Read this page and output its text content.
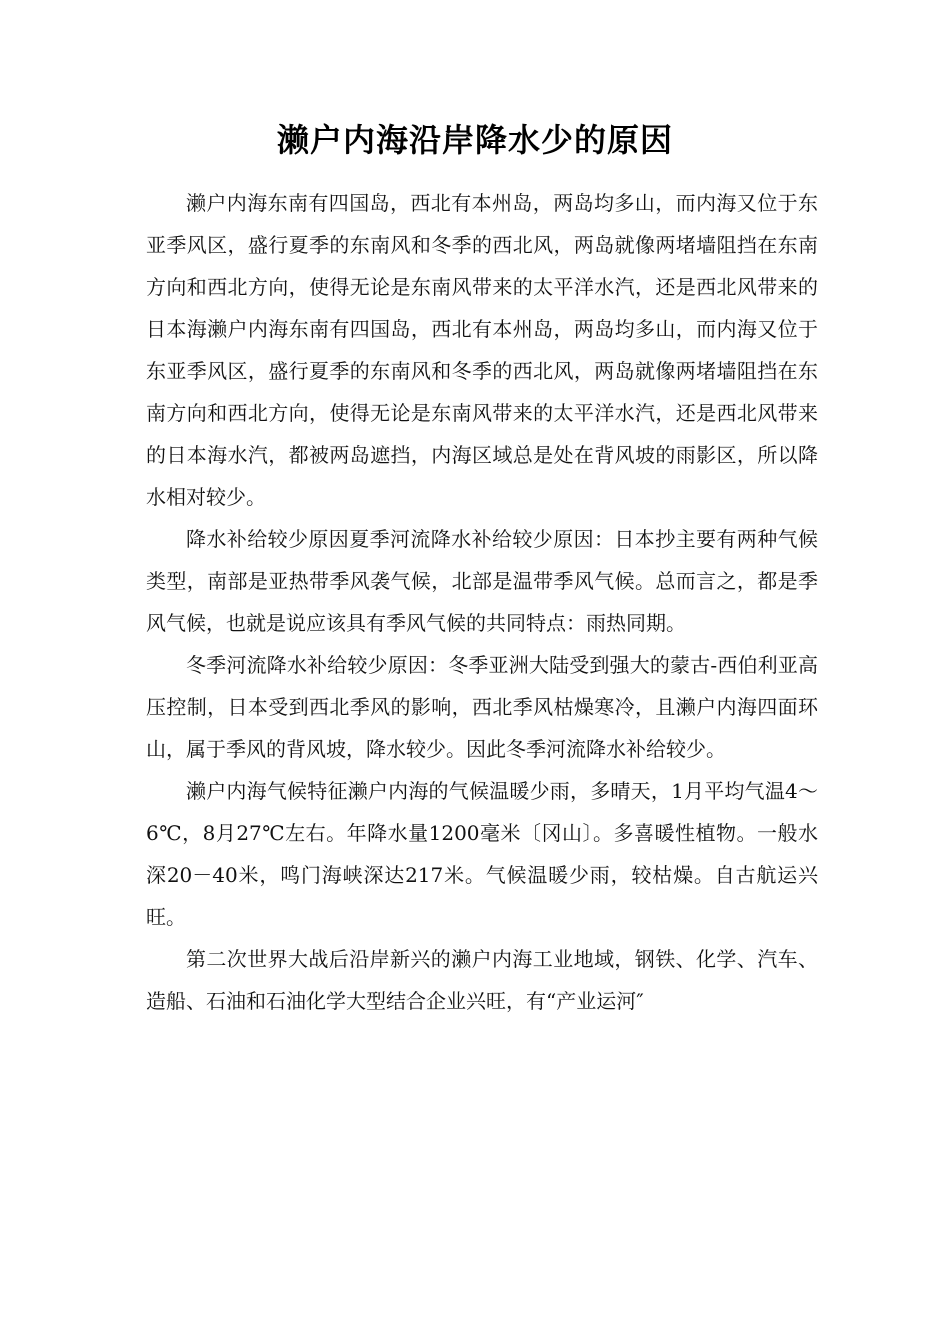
濑户内海沿岸降水少的原因

濑户内海东南有四国岛，西北有本州岛，两岛均多山，而内海又位于东亚季风区，盛行夏季的东南风和冬季的西北风，两岛就像两堵墙阻挡在东南方向和西北方向，使得无论是东南风带来的太平洋水汽，还是西北风带来的日本海濑户内海东南有四国岛，西北有本州岛，两岛均多山，而内海又位于东亚季风区，盛行夏季的东南风和冬季的西北风，两岛就像两堵墙阻挡在东南方向和西北方向，使得无论是东南风带来的太平洋水汽，还是西北风带来的日本海水汽，都被两岛遮挡，内海区域总是处在背风坡的雨影区，所以降水相对较少。

降水补给较少原因夏季河流降水补给较少原因：日本抄主要有两种气候类型，南部是亚热带季风袭气候，北部是温带季风气候。总而言之，都是季风气候，也就是说应该具有季风气候的共同特点：雨热同期。

冬季河流降水补给较少原因：冬季亚洲大陆受到强大的蒙古-西伯利亚高压控制，日本受到西北季风的影响，西北季风枯燥寒冷，且濑户内海四面环山，属于季风的背风坡，降水较少。因此冬季河流降水补给较少。

濑户内海气候特征濑户内海的气候温暖少雨，多晴天，1月平均气温4～6℃，8月27℃左右。年降水量1200毫米〔冈山〕。多喜暖性植物。一般水深20－40米，鸣门海峡深达217米。气候温暖少雨，较枯燥。自古航运兴旺。

第二次世界大战后沿岸新兴的濑户内海工业地域，钢铁、化学、汽车、造船、石油和石油化学大型结合企业兴旺，有“产业运河″
